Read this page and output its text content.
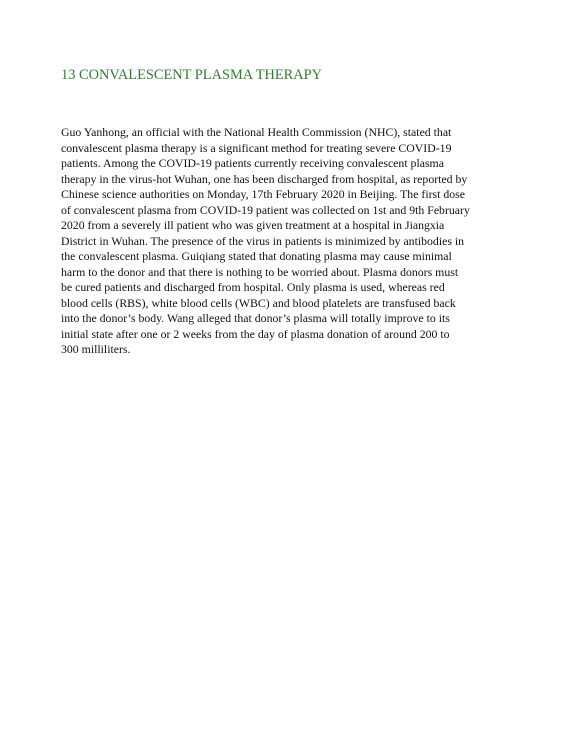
13 CONVALESCENT PLASMA THERAPY
Guo Yanhong, an official with the National Health Commission (NHC), stated that
convalescent plasma therapy is a significant method for treating severe COVID-19
patients. Among the COVID-19 patients currently receiving convalescent plasma
therapy in the virus-hot Wuhan, one has been discharged from hospital, as reported by
Chinese science authorities on Monday, 17th February 2020 in Beijing. The first dose
of convalescent plasma from COVID-19 patient was collected on 1st and 9th February
2020 from a severely ill patient who was given treatment at a hospital in Jiangxia
District in Wuhan. The presence of the virus in patients is minimized by antibodies in
the convalescent plasma. Guiqiang stated that donating plasma may cause minimal
harm to the donor and that there is nothing to be worried about. Plasma donors must
be cured patients and discharged from hospital. Only plasma is used, whereas red
blood cells (RBS), white blood cells (WBC) and blood platelets are transfused back
into the donor’s body. Wang alleged that donor’s plasma will totally improve to its
initial state after one or 2 weeks from the day of plasma donation of around 200 to
300 milliliters.
